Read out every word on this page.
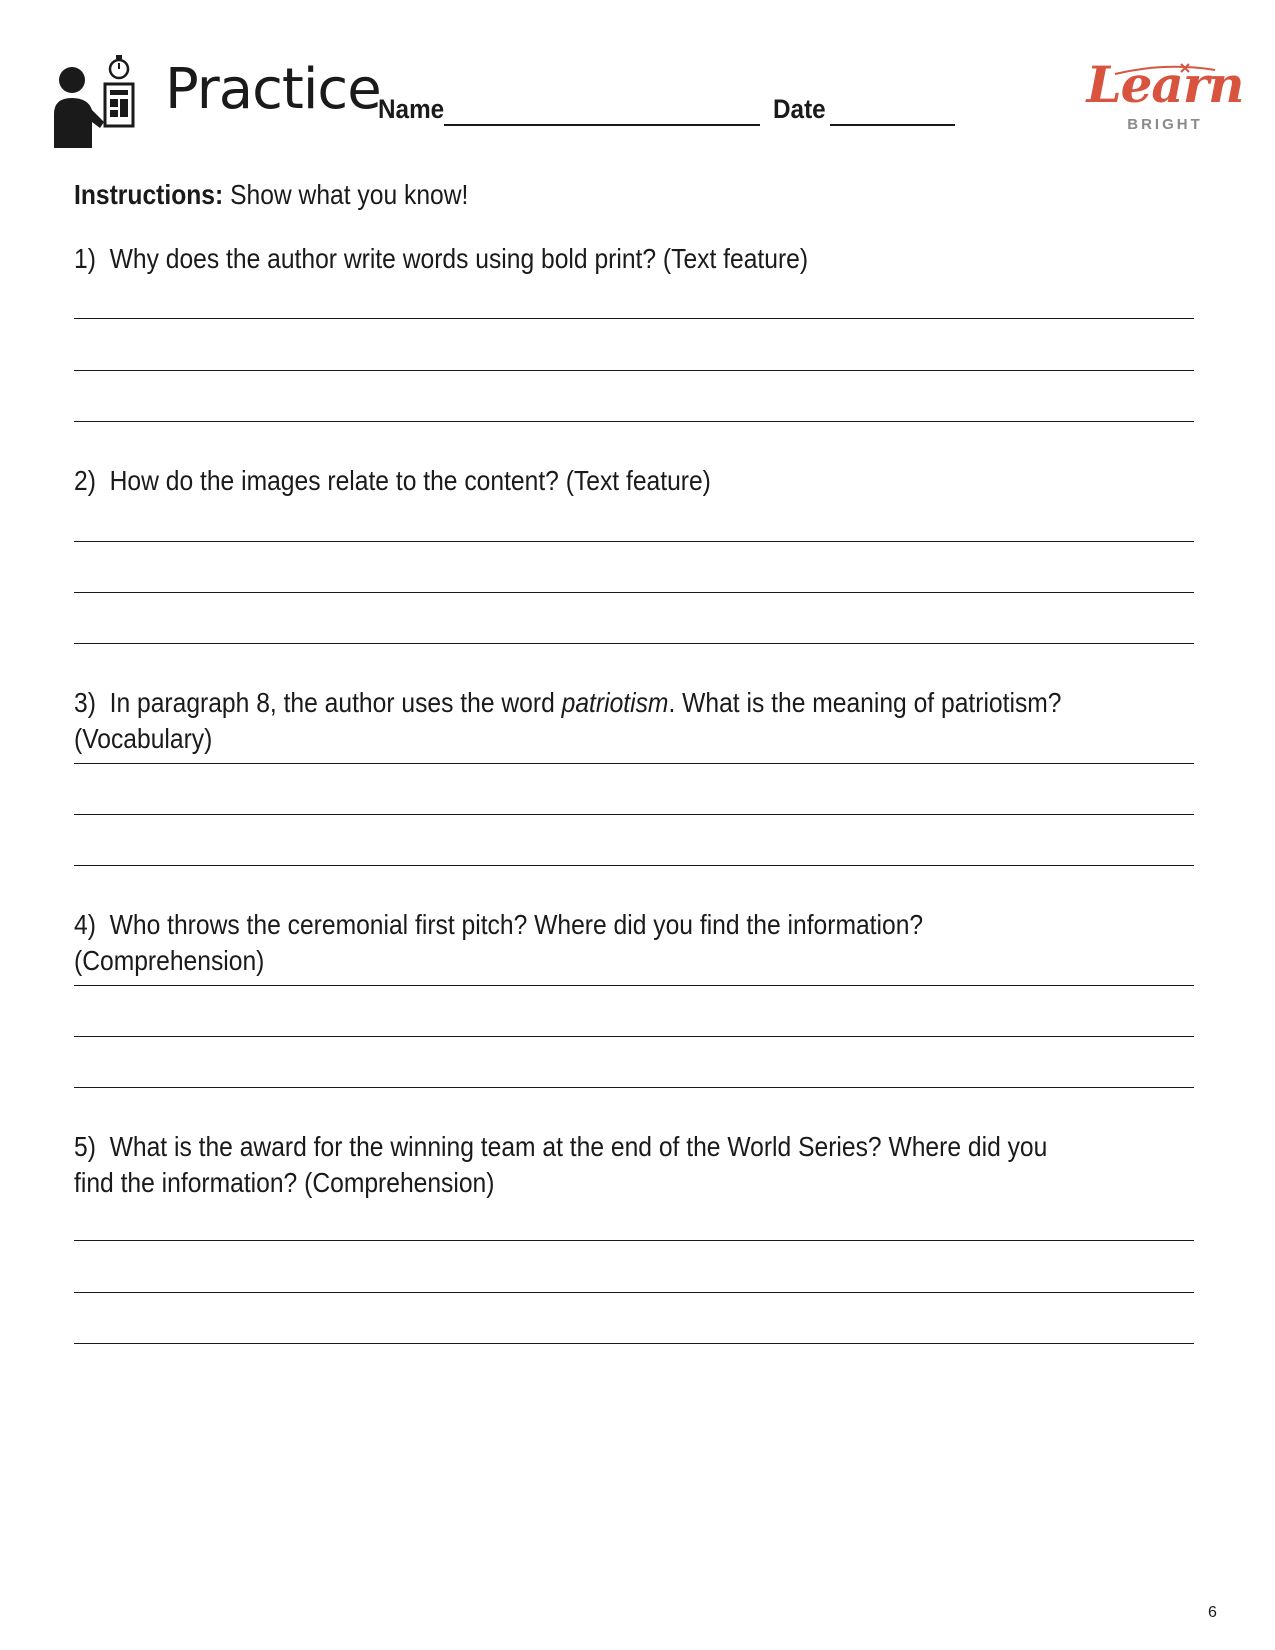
Practice
Name	Date	Learn
BRIGHT
Instructions: Show what you know!
1) Why does the author write words using bold print? (Text feature)
2) How do the images relate to the content? (Text feature)
3) In paragraph 8, the author uses the word patriotism. What is the meaning of patriotism? (Vocabulary)
4) Who throws the ceremonial first pitch? Where did you find the information? (Comprehension)
5) What is the award for the winning team at the end of the World Series? Where did you find the information? (Comprehension)
6
